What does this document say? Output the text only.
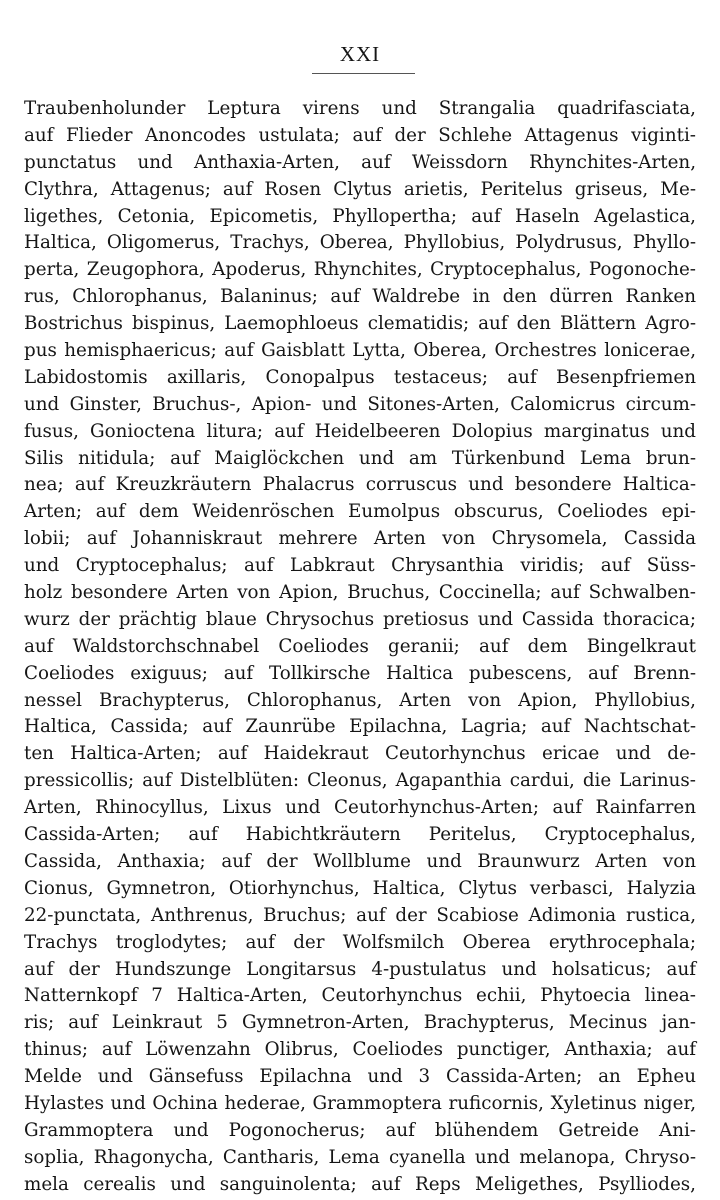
XXI
Traubenholunder Leptura virens und Strangalia quadrifasciata,
auf Flieder Anoncodes ustulata; auf der Schlehe Attagenus viginti-
punctatus und Anthaxia-Arten, auf Weissdorn Rhynchites-Arten,
Clythra, Attagenus; auf Rosen Clytus arietis, Peritelus griseus, Me-
ligethes, Cetonia, Epicometis, Phyllopertha; auf Haseln Agelastica,
Haltica, Oligomerus, Trachys, Oberea, Phyllobius, Polydrusus, Phyllo-
perta, Zeugophora, Apoderus, Rhynchites, Cryptocephalus, Pogonoche-
rus, Chlorophanus, Balaninus; auf Waldrebe in den dürren Ranken
Bostrichus bispinus, Laemophloeus clematidis; auf den Blättern Agro-
pus hemisphaericus; auf Gaisblatt Lytta, Oberea, Orchestres lonicerae,
Labidostomis axillaris, Conopalpus testaceus; auf Besenpfriemen
und Ginster, Bruchus-, Apion- und Sitones-Arten, Calomicrus circum-
fusus, Gonioctena litura; auf Heidelbeeren Dolopius marginatus und
Silis nitidula; auf Maiglöckchen und am Türkenbund Lema brun-
nea; auf Kreuzkräutern Phalacrus corruscus und besondere Haltica-
Arten; auf dem Weidenröschen Eumolpus obscurus, Coeliodes epi-
lobii; auf Johanniskraut mehrere Arten von Chrysomela, Cassida
und Cryptocephalus; auf Labkraut Chrysanthia viridis; auf Süss-
holz besondere Arten von Apion, Bruchus, Coccinella; auf Schwalben-
wurz der prächtig blaue Chrysochus pretiosus und Cassida thoracica;
auf Waldstorchschnabel Coeliodes geranii; auf dem Bingelkraut
Coeliodes exiguus; auf Tollkirsche Haltica pubescens, auf Brenn-
nessel Brachypterus, Chlorophanus, Arten von Apion, Phyllobius,
Haltica, Cassida; auf Zaunrübe Epilachna, Lagria; auf Nachtschat-
ten Haltica-Arten; auf Haidekraut Ceutorhynchus ericae und de-
pressicollis; auf Distelblüten: Cleonus, Agapanthia cardui, die Larinus-
Arten, Rhinocyllus, Lixus und Ceutorhynchus-Arten; auf Rainfarren
Cassida-Arten; auf Habichtkräutern Peritelus, Cryptocephalus,
Cassida, Anthaxia; auf der Wollblume und Braunwurz Arten von
Cionus, Gymnetron, Otiorhynchus, Haltica, Clytus verbasci, Halyzia
22-punctata, Anthrenus, Bruchus; auf der Scabiose Adimonia rustica,
Trachys troglodytes; auf der Wolfsmilch Oberea erythrocephala;
auf der Hundszunge Longitarsus 4-pustulatus und holsaticus; auf
Natternkopf 7 Haltica-Arten, Ceutorhynchus echii, Phytoecia linea-
ris; auf Leinkraut 5 Gymnetron-Arten, Brachypterus, Mecinus jan-
thinus; auf Löwenzahn Olibrus, Coeliodes punctiger, Anthaxia; auf
Melde und Gänsefuss Epilachna und 3 Cassida-Arten; an Epheu
Hylastes und Ochina hederae, Grammoptera ruficornis, Xyletinus niger,
Grammoptera und Pogonocherus; auf blühendem Getreide Ani-
soplia, Rhagonycha, Cantharis, Lema cyanella und melanopa, Chryso-
mela cerealis und sanguinolenta; auf Reps Meligethes, Psylliodes,
